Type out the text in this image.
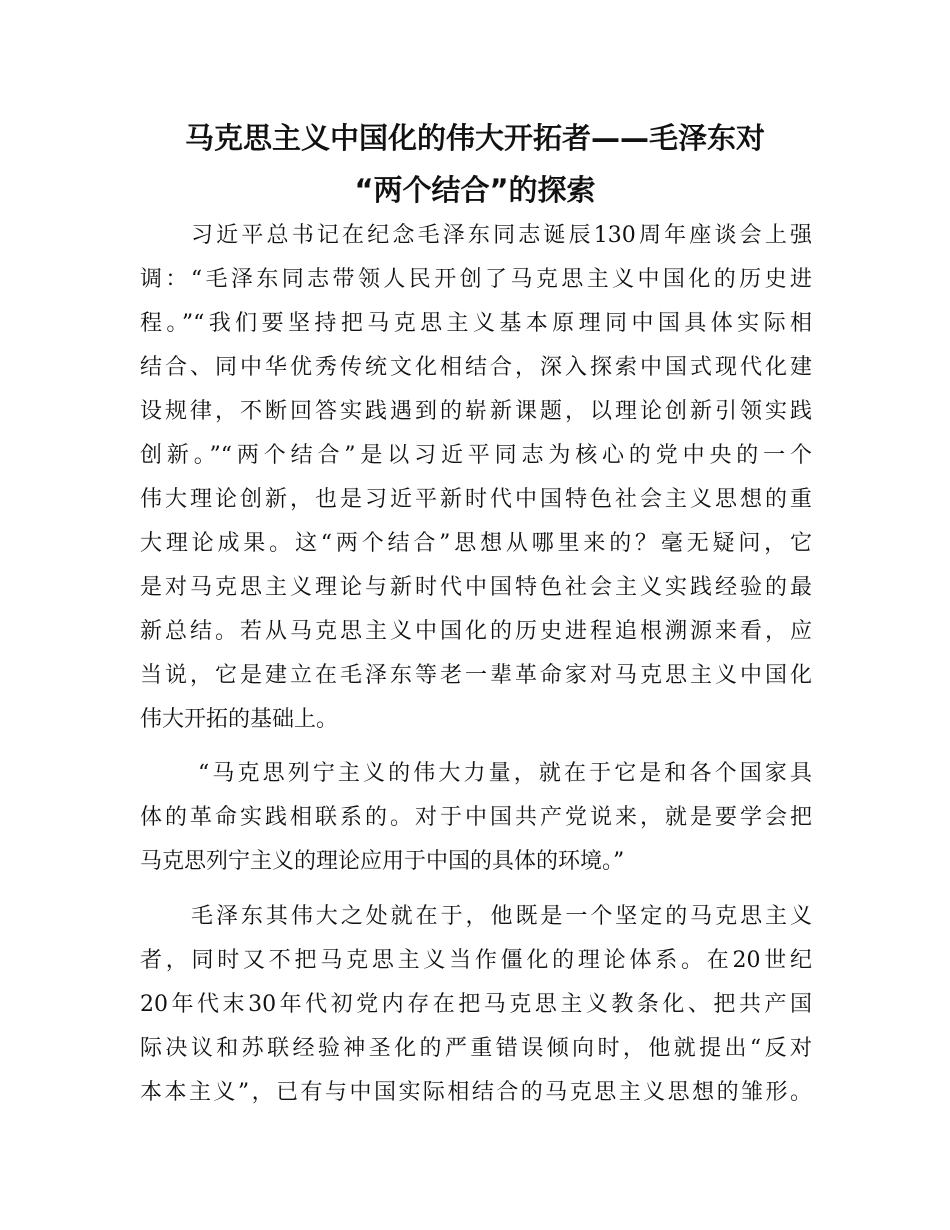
马克思主义中国化的伟大开拓者——毛泽东对
“两个结合”的探索

习近平总书记在纪念毛泽东同志诞辰130周年座谈会上强
调：“毛泽东同志带领人民开创了马克思主义中国化的历史进
程。”“我们要坚持把马克思主义基本原理同中国具体实际相
结合、同中华优秀传统文化相结合，深入探索中国式现代化建
设规律，不断回答实践遇到的崭新课题，以理论创新引领实践
创新。”“两个结合”是以习近平同志为核心的党中央的一个
伟大理论创新，也是习近平新时代中国特色社会主义思想的重
大理论成果。这“两个结合”思想从哪里来的？毫无疑问，它
是对马克思主义理论与新时代中国特色社会主义实践经验的最
新总结。若从马克思主义中国化的历史进程追根溯源来看，应
当说，它是建立在毛泽东等老一辈革命家对马克思主义中国化
伟大开拓的基础上。

“马克思列宁主义的伟大力量，就在于它是和各个国家具
体的革命实践相联系的。对于中国共产党说来，就是要学会把
马克思列宁主义的理论应用于中国的具体的环境。”

毛泽东其伟大之处就在于，他既是一个坚定的马克思主义
者，同时又不把马克思主义当作僵化的理论体系。在20世纪
20年代末30年代初党内存在把马克思主义教条化、把共产国
际决议和苏联经验神圣化的严重错误倾向时，他就提出“反对
本本主义”，已有与中国实际相结合的马克思主义思想的雏形。
